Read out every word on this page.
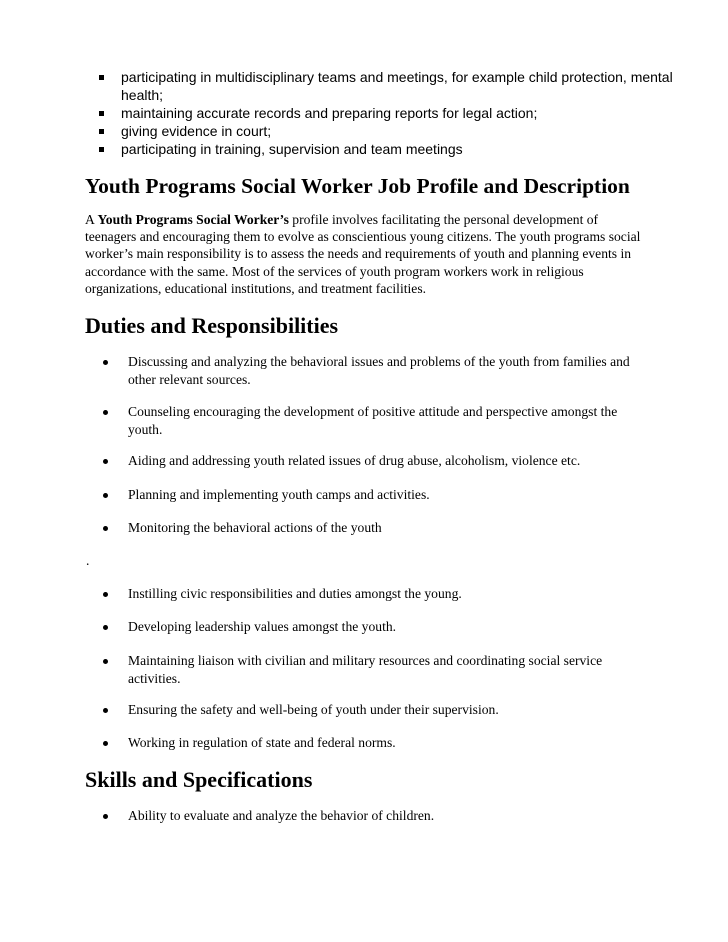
participating in multidisciplinary teams and meetings, for example child protection, mental health;
maintaining accurate records and preparing reports for legal action;
giving evidence in court;
participating in training, supervision and team meetings
Youth Programs Social Worker Job Profile and Description

A Youth Programs Social Worker’s profile involves facilitating the personal development of teenagers and encouraging them to evolve as conscientious young citizens. The youth programs social worker’s main responsibility is to assess the needs and requirements of youth and planning events in accordance with the same. Most of the services of youth program workers work in religious organizations, educational institutions, and treatment facilities.

Duties and Responsibilities
Discussing and analyzing the behavioral issues and problems of the youth from families and other relevant sources.
Counseling encouraging the development of positive attitude and perspective amongst the youth.
Aiding and addressing youth related issues of drug abuse, alcoholism, violence etc.
Planning and implementing youth camps and activities.
Monitoring the behavioral actions of the youth
.
Instilling civic responsibilities and duties amongst the young.
Developing leadership values amongst the youth.
Maintaining liaison with civilian and military resources and coordinating social service activities.
Ensuring the safety and well-being of youth under their supervision.
Working in regulation of state and federal norms.
Skills and Specifications
Ability to evaluate and analyze the behavior of children.
